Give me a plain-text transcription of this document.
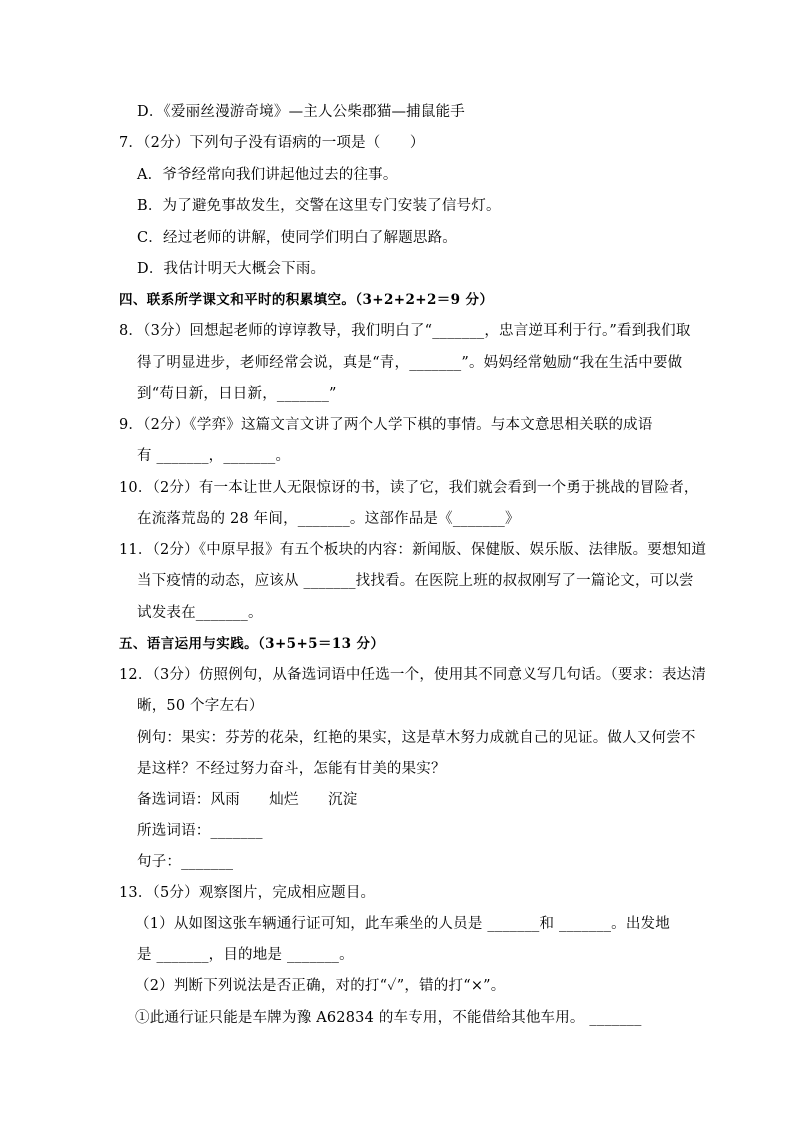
D．《爱丽丝漫游奇境》—主人公柴郡猫—捕鼠能手
7．（2分）下列句子没有语病的一项是（　　）
A．爷爷经常向我们讲起他过去的往事。
B．为了避免事故发生，交警在这里专门安装了信号灯。
C．经过老师的讲解，使同学们明白了解题思路。
D．我估计明天大概会下雨。
四、联系所学课文和平时的积累填空。（3+2+2+2＝9 分）
8．（3分）回想起老师的谆谆教导，我们明白了“_______，忠言逆耳利于行。”看到我们取
得了明显进步，老师经常会说，真是“青，_______”。妈妈经常勉励“我在生活中要做
到“苟日新，日日新，_______”
9．（2分）《学弈》这篇文言文讲了两个人学下棋的事情。与本文意思相关联的成语
有 _______，_______。
10．（2分）有一本让世人无限惊讶的书，读了它，我们就会看到一个勇于挑战的冒险者，
在流落荒岛的 28 年间，_______。这部作品是《_______》
11．（2分）《中原早报》有五个板块的内容：新闻版、保健版、娱乐版、法律版。要想知道
当下疫情的动态，应该从 _______找找看。在医院上班的叔叔刚写了一篇论文，可以尝
试发表在_______。
五、语言运用与实践。（3+5+5＝13 分）
12．（3分）仿照例句，从备选词语中任选一个，使用其不同意义写几句话。（要求：表达清
晰，50 个字左右）
例句：果实：芬芳的花朵，红艳的果实，这是草木努力成就自己的见证。做人又何尝不
是这样？不经过努力奋斗，怎能有甘美的果实？
备选词语：风雨　　灿烂　　沉淀
所选词语：_______
句子：_______
13．（5分）观察图片，完成相应题目。
（1）从如图这张车辆通行证可知，此车乘坐的人员是 _______和 _______。出发地
是 _______，目的地是 _______。
（2）判断下列说法是否正确，对的打“✓”，错的打“×”。
①此通行证只能是车牌为豫 A62834 的车专用，不能借给其他车用。 _______
